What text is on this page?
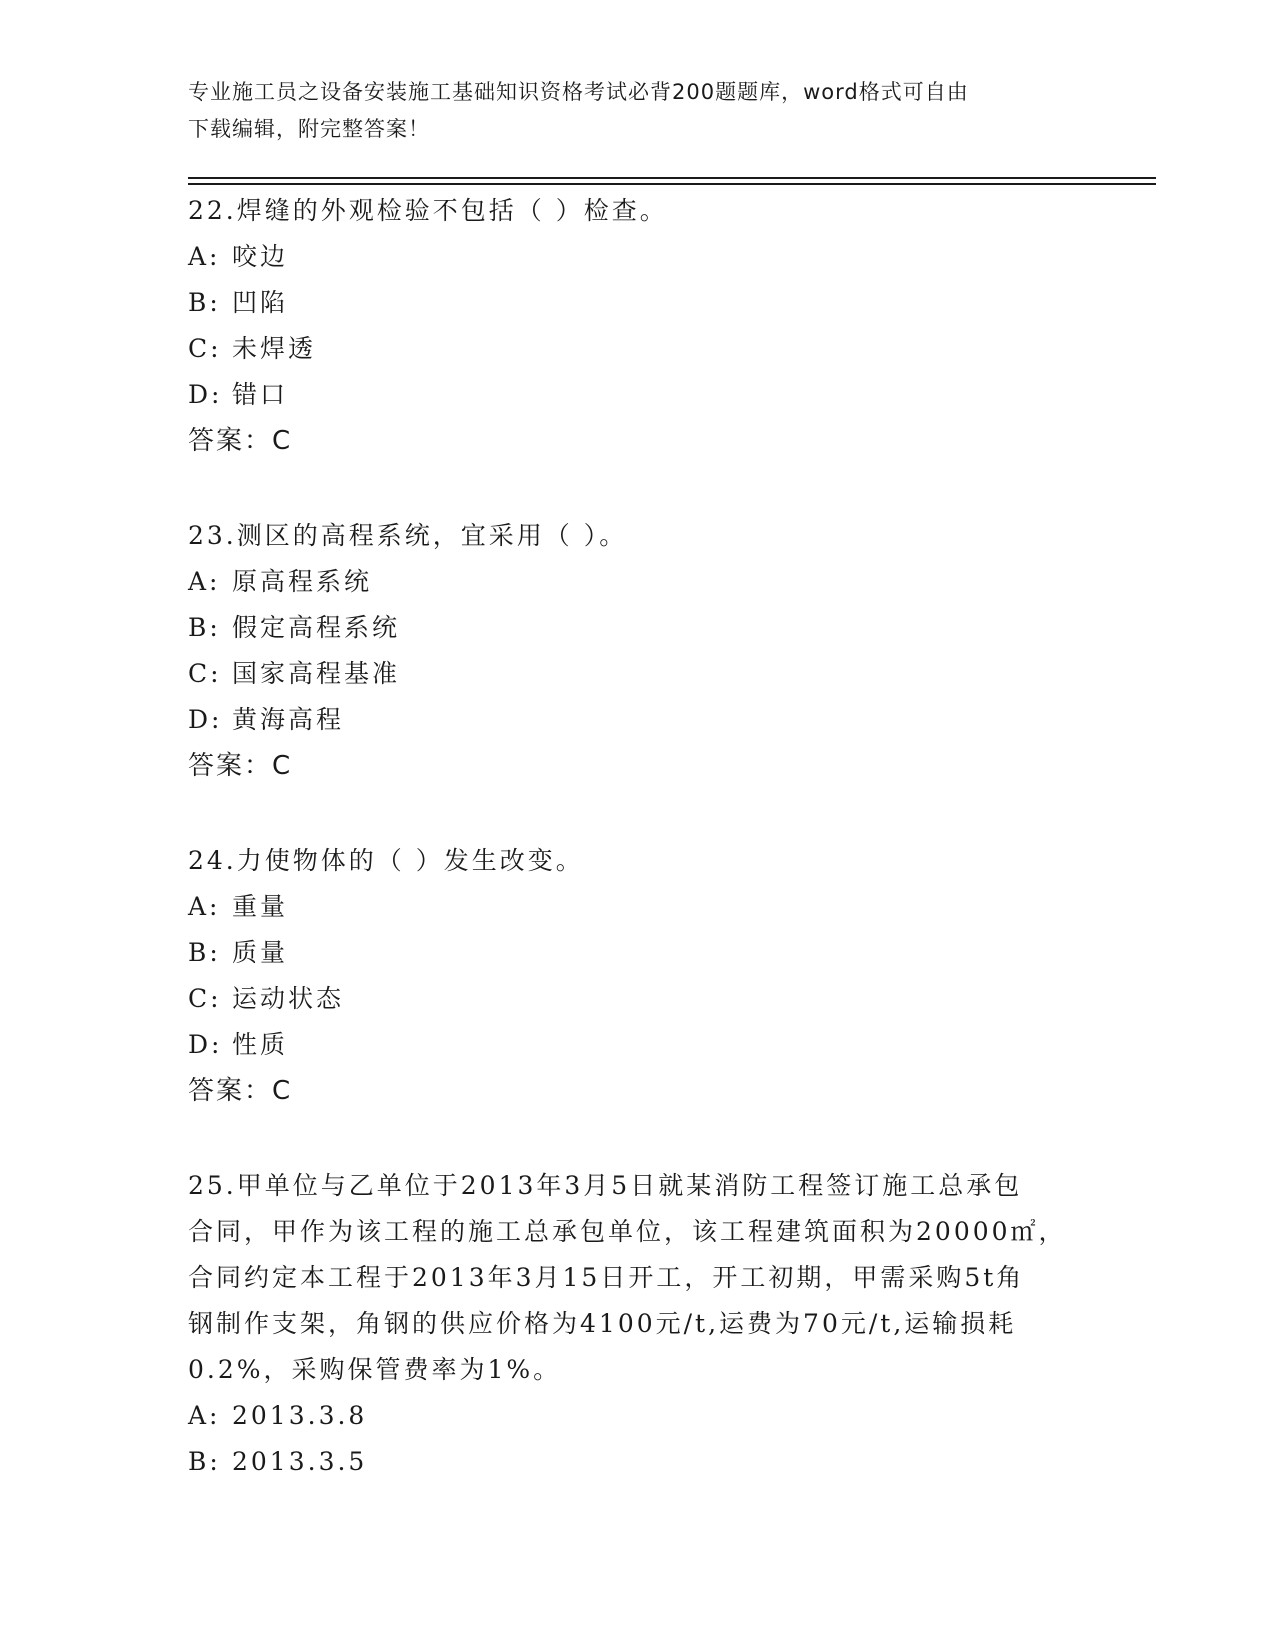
专业施工员之设备安装施工基础知识资格考试必背200题题库，word格式可自由
下载编辑，附完整答案！
22.焊缝的外观检验不包括（ ）检查。
A: 咬边
B: 凹陷
C: 未焊透
D: 错口
答案：C
23.测区的高程系统，宜采用（ ）。
A: 原高程系统
B: 假定高程系统
C: 国家高程基准
D: 黄海高程
答案：C
24.力使物体的（ ）发生改变。
A: 重量
B: 质量
C: 运动状态
D: 性质
答案：C
25.甲单位与乙单位于2013年3月5日就某消防工程签订施工总承包
合同，甲作为该工程的施工总承包单位，该工程建筑面积为20000㎡，
合同约定本工程于2013年3月15日开工，开工初期，甲需采购5t角
钢制作支架，角钢的供应价格为4100元/t,运费为70元/t,运输损耗
0.2%，采购保管费率为1%。
A: 2013.3.8
B: 2013.3.5
